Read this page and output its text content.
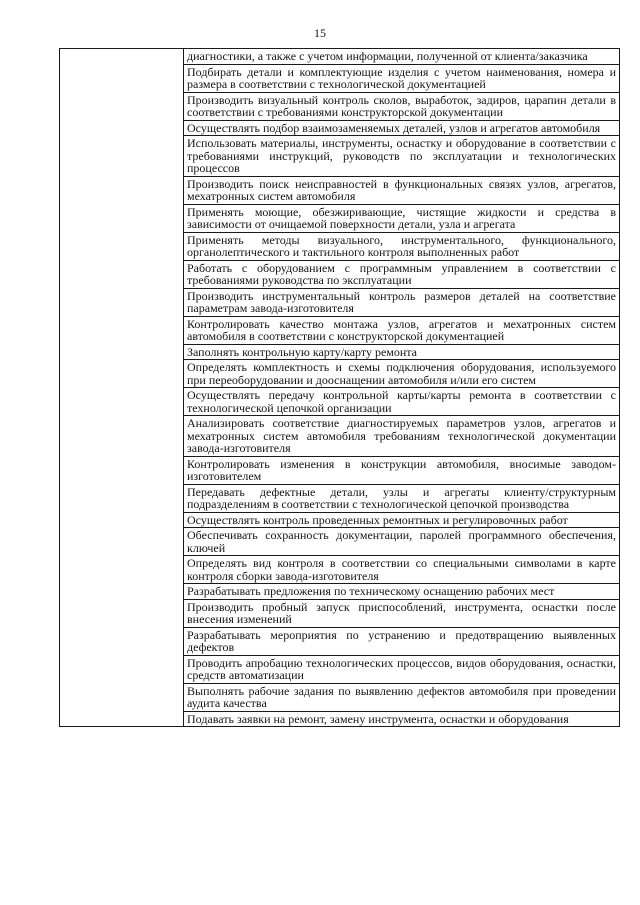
15

диагностики, а также с учетом информации, полученной от клиента/заказчика

Подбирать детали и комплектующие изделия с учетом наименования, номера и размера в соответствии с технологической документацией

Производить визуальный контроль сколов, выработок, задиров, царапин детали в соответствии с требованиями конструкторской документации

Осуществлять подбор взаимозаменяемых деталей, узлов и агрегатов автомобиля

Использовать материалы, инструменты, оснастку и оборудование в соответствии с требованиями инструкций, руководств по эксплуатации и технологических процессов

Производить поиск неисправностей в функциональных связях узлов, агрегатов, мехатронных систем автомобиля

Применять моющие, обезжиривающие, чистящие жидкости и средства в зависимости от очищаемой поверхности детали, узла и агрегата

Применять методы визуального, инструментального, функционального, органолептического и тактильного контроля выполненных работ

Работать с оборудованием с программным управлением в соответствии с требованиями руководства по эксплуатации

Производить инструментальный контроль размеров деталей на соответствие параметрам завода-изготовителя

Контролировать качество монтажа узлов, агрегатов и мехатронных систем автомобиля в соответствии с конструкторской документацией

Заполнять контрольную карту/карту ремонта

Определять комплектность и схемы подключения оборудования, используемого при переоборудовании и дооснащении автомобиля и/или его систем

Осуществлять передачу контрольной карты/карты ремонта в соответствии с технологической цепочкой организации

Анализировать соответствие диагностируемых параметров узлов, агрегатов и мехатронных систем автомобиля требованиям технологической документации завода-изготовителя

Контролировать изменения в конструкции автомобиля, вносимые заводом-изготовителем

Передавать дефектные детали, узлы и агрегаты клиенту/структурным подразделениям в соответствии с технологической цепочкой производства

Осуществлять контроль проведенных ремонтных и регулировочных работ

Обеспечивать сохранность документации, паролей программного обеспечения, ключей

Определять вид контроля в соответствии со специальными символами в карте контроля сборки завода-изготовителя

Разрабатывать предложения по техническому оснащению рабочих мест

Производить пробный запуск приспособлений, инструмента, оснастки после внесения изменений

Разрабатывать мероприятия по устранению и предотвращению выявленных дефектов

Проводить апробацию технологических процессов, видов оборудования, оснастки, средств автоматизации

Выполнять рабочие задания по выявлению дефектов автомобиля при проведении аудита качества

Подавать заявки на ремонт, замену инструмента, оснастки и оборудования
